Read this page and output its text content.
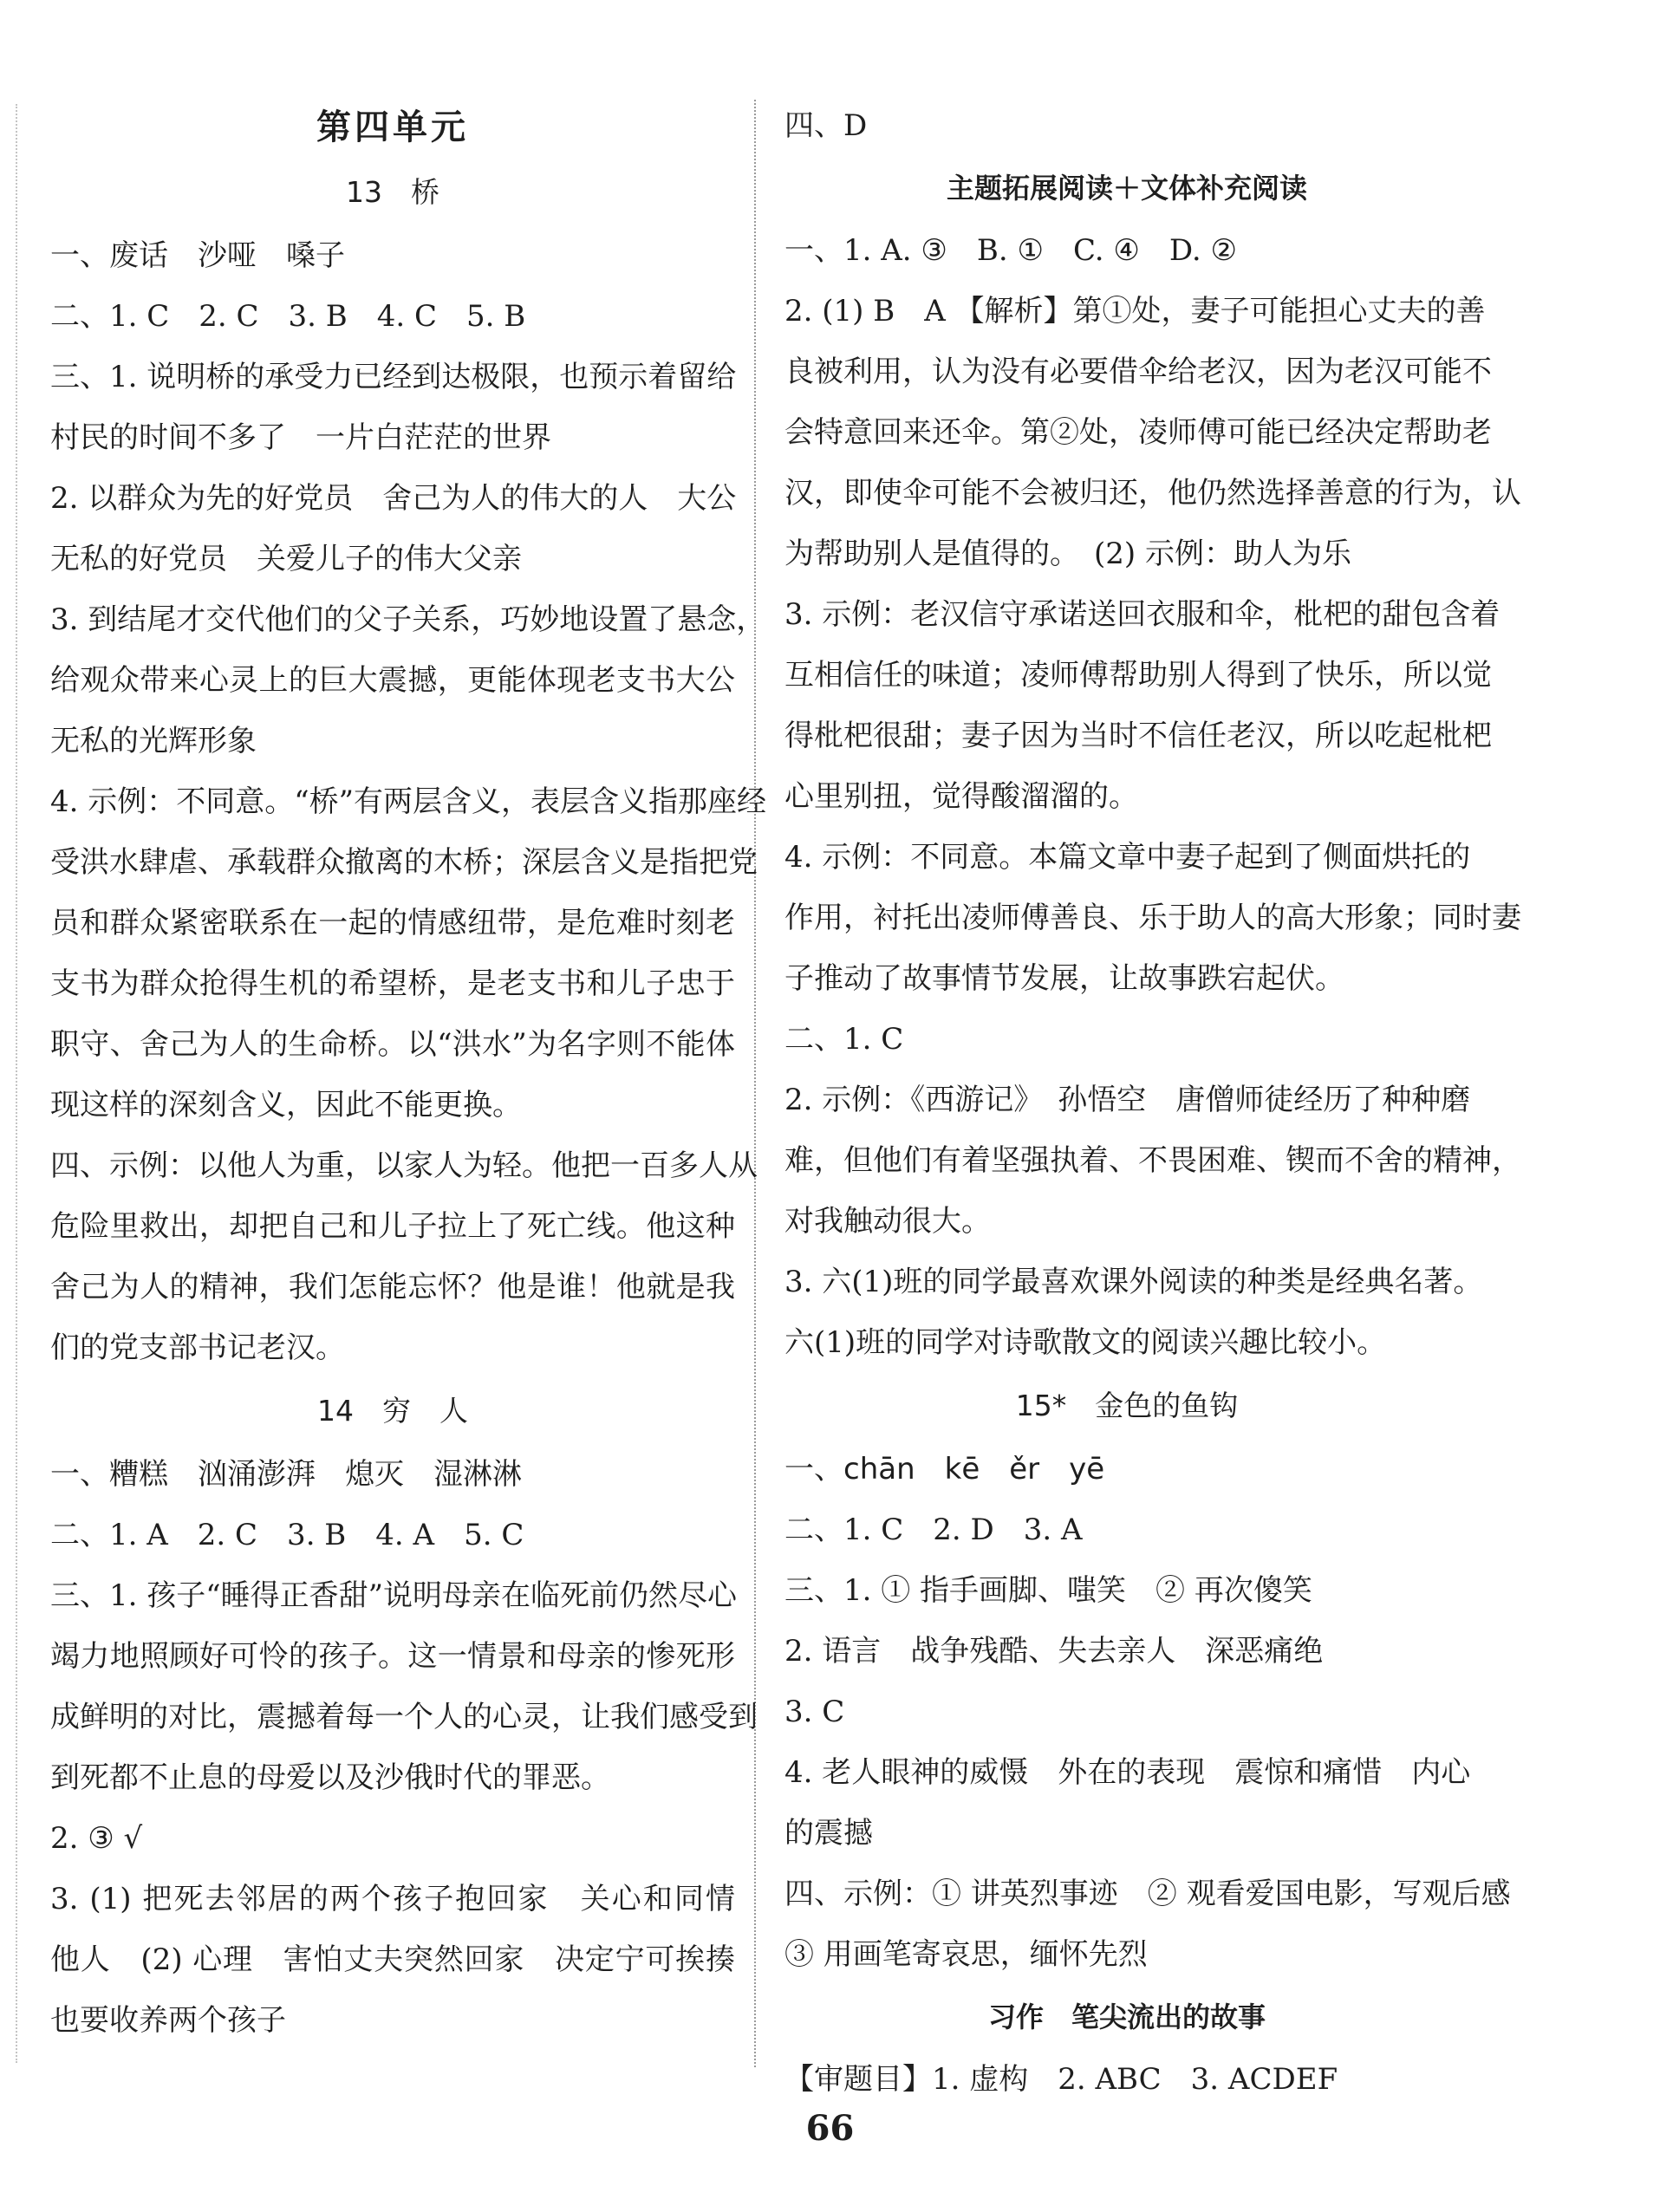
第四单元
13　桥
一、废话　沙哑　嗓子
二、1. C　2. C　3. B　4. C　5. B
三、1. 说明桥的承受力已经到达极限，也预示着留给
村民的时间不多了　一片白茫茫的世界
2. 以群众为先的好党员　舍己为人的伟大的人　大公
无私的好党员　关爱儿子的伟大父亲
3. 到结尾才交代他们的父子关系，巧妙地设置了悬念，
给观众带来心灵上的巨大震撼，更能体现老支书大公
无私的光辉形象
4. 示例：不同意。“桥”有两层含义，表层含义指那座经
受洪水肆虐、承载群众撤离的木桥；深层含义是指把党
员和群众紧密联系在一起的情感纽带，是危难时刻老
支书为群众抢得生机的希望桥，是老支书和儿子忠于
职守、舍己为人的生命桥。以“洪水”为名字则不能体
现这样的深刻含义，因此不能更换。
四、示例：以他人为重，以家人为轻。他把一百多人从
危险里救出，却把自己和儿子拉上了死亡线。他这种
舍己为人的精神，我们怎能忘怀？他是谁！他就是我
们的党支部书记老汉。
14　穷　人
一、糟糕　汹涌澎湃　熄灭　湿淋淋
二、1. A　2. C　3. B　4. A　5. C
三、1. 孩子“睡得正香甜”说明母亲在临死前仍然尽心
竭力地照顾好可怜的孩子。这一情景和母亲的惨死形
成鲜明的对比，震撼着每一个人的心灵，让我们感受到
到死都不止息的母爱以及沙俄时代的罪恶。
2. ③ √
3. (1) 把死去邻居的两个孩子抱回家　关心和同情
他人　(2) 心理　害怕丈夫突然回家　决定宁可挨揍
也要收养两个孩子
四、D
主题拓展阅读＋文体补充阅读
一、1. A. ③　B. ①　C. ④　D. ②
2. (1) B　A 【解析】第①处，妻子可能担心丈夫的善
良被利用，认为没有必要借伞给老汉，因为老汉可能不
会特意回来还伞。第②处，凌师傅可能已经决定帮助老
汉，即使伞可能不会被归还，他仍然选择善意的行为，认
为帮助别人是值得的。　(2) 示例：助人为乐
3. 示例：老汉信守承诺送回衣服和伞，枇杷的甜包含着
互相信任的味道；凌师傅帮助别人得到了快乐，所以觉
得枇杷很甜；妻子因为当时不信任老汉，所以吃起枇杷
心里别扭，觉得酸溜溜的。
4. 示例：不同意。本篇文章中妻子起到了侧面烘托的
作用，衬托出凌师傅善良、乐于助人的高大形象；同时妻
子推动了故事情节发展，让故事跌宕起伏。
二、1. C
2. 示例：《西游记》　孙悟空　唐僧师徒经历了种种磨
难，但他们有着坚强执着、不畏困难、锲而不舍的精神，
对我触动很大。
3. 六(1)班的同学最喜欢课外阅读的种类是经典名著。
六(1)班的同学对诗歌散文的阅读兴趣比较小。
15*　金色的鱼钩
一、chān　kē　ěr　yē
二、1. C　2. D　3. A
三、1. ① 指手画脚、嗤笑　② 再次傻笑
2. 语言　战争残酷、失去亲人　深恶痛绝
3. C
4. 老人眼神的威慑　外在的表现　震惊和痛惜　内心
的震撼
四、示例：① 讲英烈事迹　② 观看爱国电影，写观后感
③ 用画笔寄哀思，缅怀先烈
习作　笔尖流出的故事
【审题目】1. 虚构　2. ABC　3. ACDEF
66
